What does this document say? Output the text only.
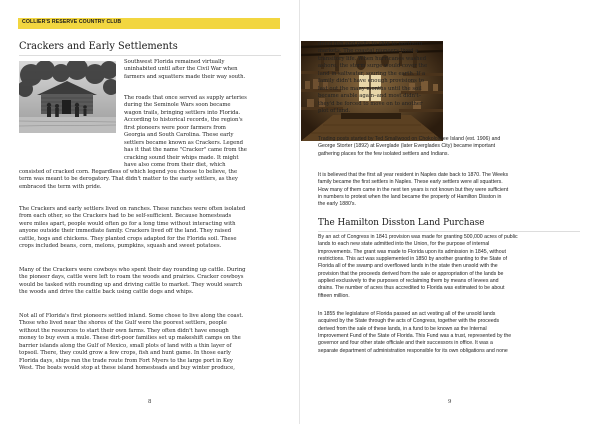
COLLIER'S RESERVE COUNTRY CLUB
Crackers and Early Settlements
Southwest Florida remained virtually
uninhabited until after the Civil War when
farmers and squatters made their way south.
The roads that once served as supply arteries
during the Seminole Wars soon became
wagon trails, bringing settlers into Florida.
According to historical records, the region's
first pioneers were poor farmers from
Georgia and South Carolina. These early
settlers became known as Crackers. Legend
has it that the name "Cracker" came from the
cracking sound their whips made. It might
have also come from their diet, which
consisted of cracked corn. Regardless of which legend you choose to believe, the
term was meant to be derogatory. That didn't matter to the early settlers, as they
embraced the term with pride.
The Crackers and early settlers lived on ranches. These ranches were often isolated
from each other, so the Crackers had to be self-sufficient. Because homesteads
were miles apart, people would often go for a long time without interacting with
anyone outside their immediate family. Crackers lived off the land. They raised
cattle, hogs and chickens. They planted crops adapted for the Florida soil. These
crops included beans, corn, melons, pumpkins, squash and sweet potatoes.
Many of the Crackers were cowboys who spent their day rounding up cattle. During
the pioneer days, cattle were left to roam the woods and prairies. Cracker cowboys
would be tasked with rounding up and driving cattle to market. They would search
the woods and drive the cattle back using cattle dogs and whips.
Not all of Florida's first pioneers settled inland. Some chose to live along the coast.
Those who lived near the shores of the Gulf were the poorest settlers, people
without the resources to start their own farms. They often didn't have enough
money to buy even a mule. These dirt-poor families set up makeshift camps on the
barrier islands along the Gulf of Mexico, small plots of land with a thin layer of
topsoil. There, they could grow a few crops, fish and hunt game. In those early
Florida days, ships ran the trade route from Fort Myers to the large port in Key
West. The boats would stop at these island homesteads and buy winter produce,
8
dried fish and pelts to ship to northern
markets. The coastal pioneers lived a
transitory life. When hurricanes washed
ashore, the storm surge would cover the
land in saltwater, souring the earth. If a
family didn't have enough provisions to
last out the many months until the soil
became arable again–and most didn't–
they'd be forced to move on to another
plot of land.
Trading posts started by Ted Smallwood on Chokoloskee Island (est. 1906) and
George Storter (1892) at Everglade (later Everglades City) became important
gathering places for the few isolated settlers and Indians.
It is believed that the first all year resident in Naples date back to 1870. The Weeks
family became the first settlers in Naples. These early settlers were all squatters.
How many of them came in the next ten years is not known but they were sufficient
in numbers to protest when the land became the property of Hamilton Disston in
the early 1880's.
The Hamilton Disston Land Purchase
By an act of Congress in 1841 provision was made for granting 500,000 acres of public
lands to each new state admitted into the Union, for the purpose of internal
improvements. The grant was made to Florida upon its admission in 1845, without
restrictions. This act was supplemented in 1850 by another granting to the State of
Florida all of the swamp and overflowed lands in the state then unsold with the
provision that the proceeds derived from the sale or appropriation of the lands be
applied exclusively to the purposes of reclaiming them by means of levees and
drains. The number of acres thus accredited to Florida was estimated to be about
fifteen million.
In 1855 the legislature of Florida passed an act vesting all of the unsold lands
acquired by the State through the acts of Congress, together with the proceeds
derived from the sale of these lands, in a fund to be known as the Internal
Improvement Fund of the State of Florida. This Fund was a trust, represented by the
governor and four other state officiale and their successors in office. It was a
separate department of administration responsible for its own obligations and none
9
